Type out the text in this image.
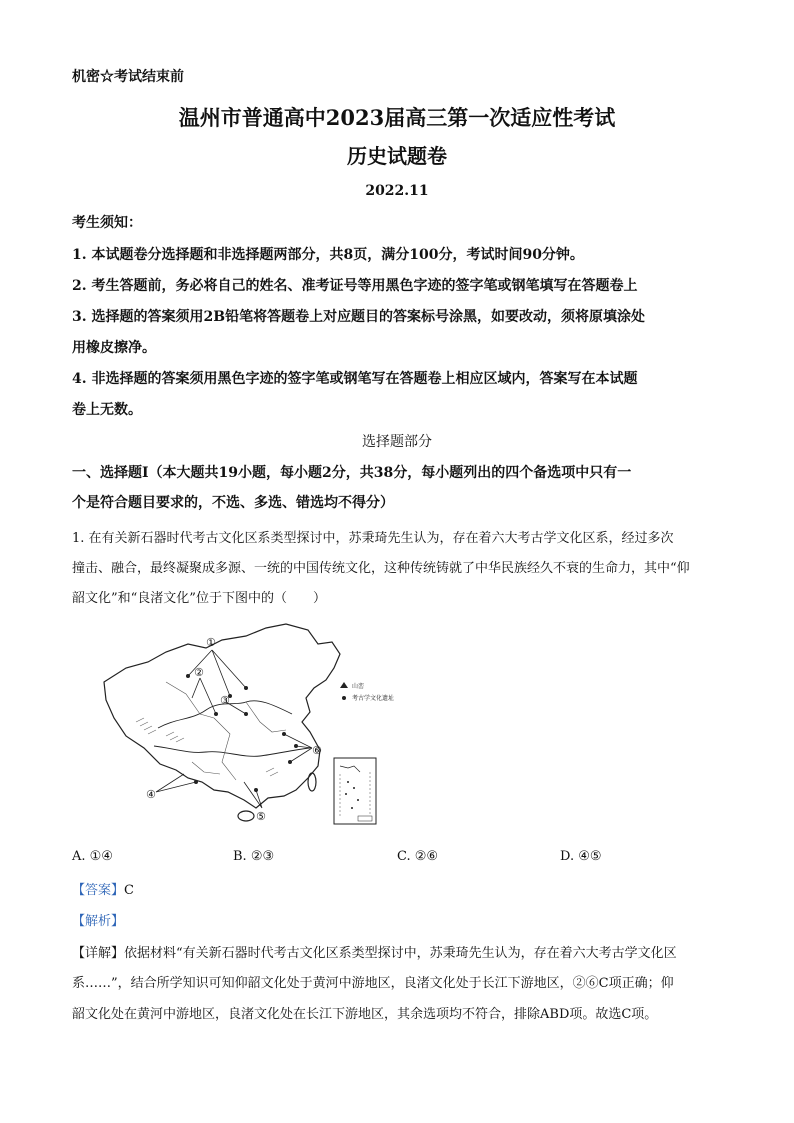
机密☆考试结束前
温州市普通高中2023届高三第一次适应性考试
历史试题卷
2022.11
考生须知：
1. 本试题卷分选择题和非选择题两部分，共8页，满分100分，考试时间90分钟。
2. 考生答题前，务必将自己的姓名、准考证号等用黑色字迹的签字笔或钢笔填写在答题卷上
3. 选择题的答案须用2B铅笔将答题卷上对应题目的答案标号涂黑，如要改动，须将原填涂处
用橡皮擦净。
4. 非选择题的答案须用黑色字迹的签字笔或钢笔写在答题卷上相应区域内，答案写在本试题
卷上无数。
选择题部分
一、选择题I（本大题共19小题，每小题2分，共38分，每小题列出的四个备选项中只有一
个是符合题目要求的，不选、多选、错选均不得分）
1. 在有关新石器时代考古文化区系类型探讨中，苏秉琦先生认为，存在着六大考古学文化区系，经过多次
撞击、融合，最终凝聚成多源、一统的中国传统文化，这种传统铸就了中华民族经久不衰的生命力，其中“仰
韶文化”和“良渚文化”位于下图中的（　　）
①
②
③
④
⑤
⑥
山峦
考古学文化遗址
A. ①④	B. ②③	C. ②⑥	D. ④⑤
【答案】C
【解析】
【详解】依据材料“有关新石器时代考古文化区系类型探讨中，苏秉琦先生认为，存在着六大考古学文化区
系……”，结合所学知识可知仰韶文化处于黄河中游地区，良渚文化处于长江下游地区，②⑥C项正确；仰
韶文化处在黄河中游地区，良渚文化处在长江下游地区，其余选项均不符合，排除ABD项。故选C项。
